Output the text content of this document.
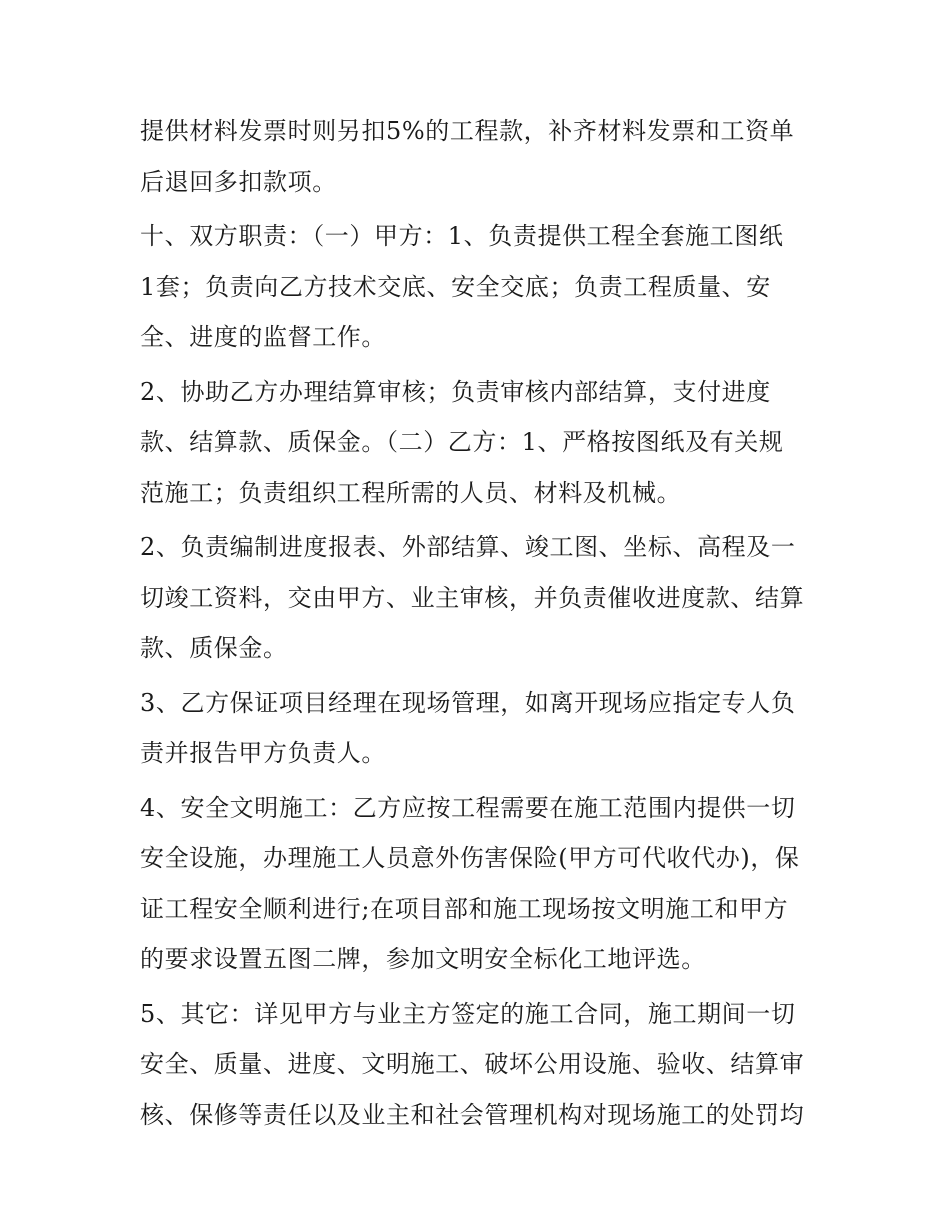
提供材料发票时则另扣5%的工程款，补齐材料发票和工资单
后退回多扣款项。

十、双方职责：（一）甲方：1、负责提供工程全套施工图纸
1套；负责向乙方技术交底、安全交底；负责工程质量、安
全、进度的监督工作。

2、协助乙方办理结算审核；负责审核内部结算，支付进度
款、结算款、质保金。（二）乙方：1、严格按图纸及有关规
范施工；负责组织工程所需的人员、材料及机械。

2、负责编制进度报表、外部结算、竣工图、坐标、高程及一
切竣工资料，交由甲方、业主审核，并负责催收进度款、结算
款、质保金。

3、乙方保证项目经理在现场管理，如离开现场应指定专人负
责并报告甲方负责人。

4、安全文明施工：乙方应按工程需要在施工范围内提供一切
安全设施，办理施工人员意外伤害保险(甲方可代收代办)，保
证工程安全顺利进行;在项目部和施工现场按文明施工和甲方
的要求设置五图二牌，参加文明安全标化工地评选。

5、其它：详见甲方与业主方签定的施工合同，施工期间一切
安全、质量、进度、文明施工、破坏公用设施、验收、结算审
核、保修等责任以及业主和社会管理机构对现场施工的处罚均
